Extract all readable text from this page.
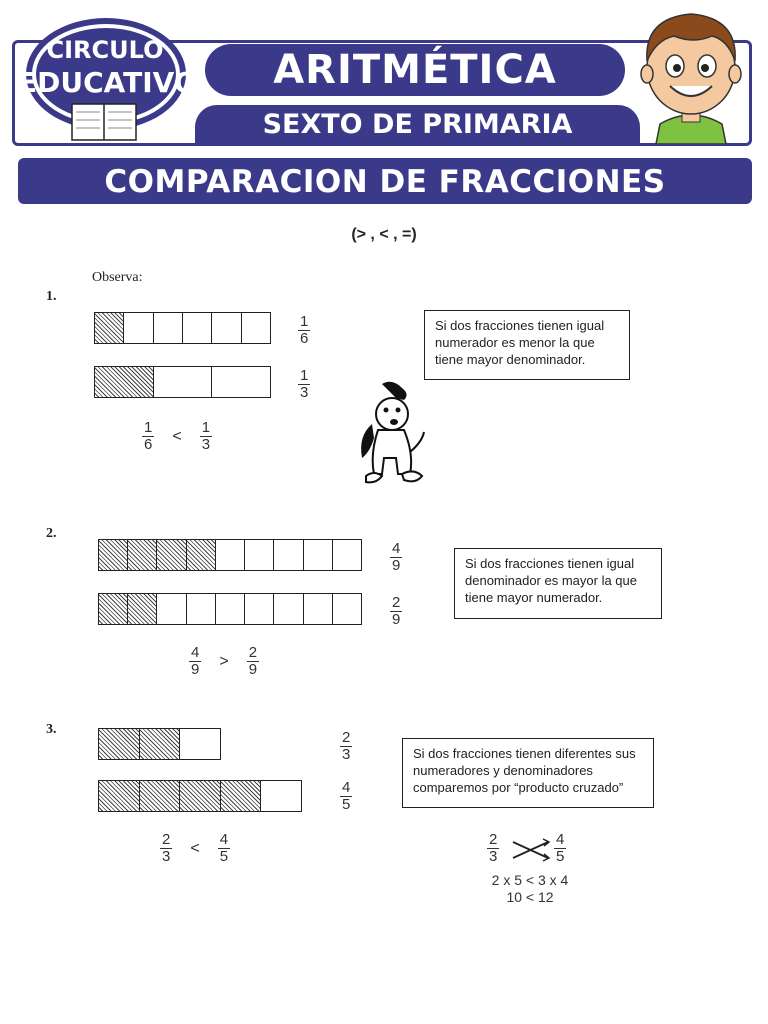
CIRCULO
EDUCATIVO	ARITMÉTICA
SEXTO DE PRIMARIA
COMPARACION DE FRACCIONES
(> , < , =)
Observa:
1.
$\frac{1}{6}$
$\frac{1}{3}$
$\frac{1}{6} < \frac{1}{3}$
Si dos fracciones tienen igual numerador es menor la que tiene mayor denominador.
2.
$\frac{4}{9}$
$\frac{2}{9}$
$\frac{4}{9} > \frac{2}{9}$
Si dos fracciones tienen igual denominador es mayor la que tiene mayor numerador.
3.
$\frac{2}{3}$
$\frac{4}{5}$
$\frac{2}{3} < \frac{4}{5}$
Si dos fracciones tienen diferentes sus numeradores y denominadores comparemos por “producto cruzado”
$\frac{2}{3}$	$\frac{4}{5}$
2 x 5 < 3 x 4
10 < 12
